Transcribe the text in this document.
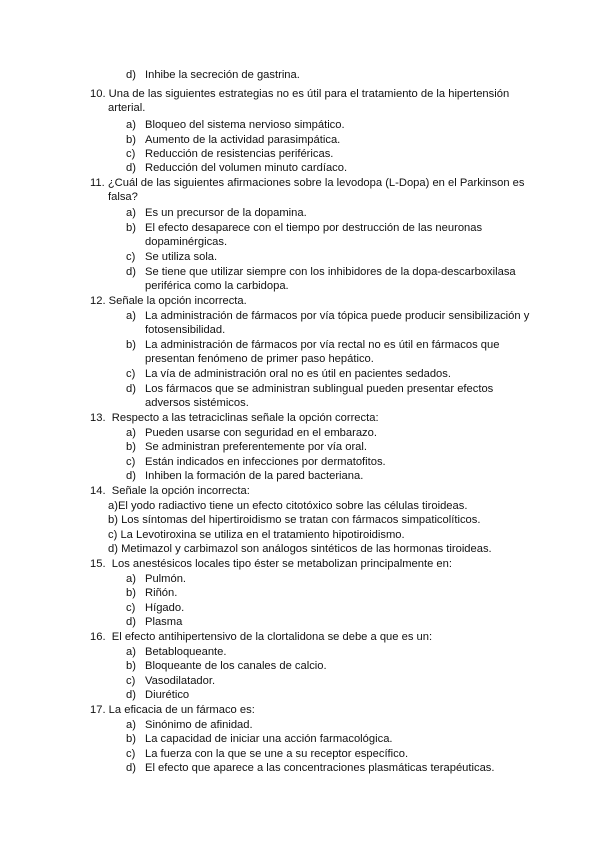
d) Inhibe la secreción de gastrina.
10. Una de las siguientes estrategias no es útil para el tratamiento de la hipertensión
arterial.
a) Bloqueo del sistema nervioso simpático.
b) Aumento de la actividad parasimpática.
c) Reducción de resistencias periféricas.
d) Reducción del volumen minuto cardíaco.
11. ¿Cuál de las siguientes afirmaciones sobre la levodopa (L-Dopa) en el Parkinson es
falsa?
a) Es un precursor de la dopamina.
b) El efecto desaparece con el tiempo por destrucción de las neuronas
dopaminérgicas.
c) Se utiliza sola.
d) Se tiene que utilizar siempre con los inhibidores de la dopa-descarboxilasa
periférica como la carbidopa.
12. Señale la opción incorrecta.
a) La administración de fármacos por vía tópica puede producir sensibilización y
fotosensibilidad.
b) La administración de fármacos por vía rectal no es útil en fármacos que
presentan fenómeno de primer paso hepático.
c) La vía de administración oral no es útil en pacientes sedados.
d) Los fármacos que se administran sublingual pueden presentar efectos
adversos sistémicos.
13. Respecto a las tetraciclinas señale la opción correcta:
a) Pueden usarse con seguridad en el embarazo.
b) Se administran preferentemente por vía oral.
c) Están indicados en infecciones por dermatofitos.
d) Inhiben la formación de la pared bacteriana.
14. Señale la opción incorrecta:
a)El yodo radiactivo tiene un efecto citotóxico sobre las células tiroideas.
b) Los síntomas del hipertiroidismo se tratan con fármacos simpaticolíticos.
c) La Levotiroxina se utiliza en el tratamiento hipotiroidismo.
d) Metimazol y carbimazol son análogos sintéticos de las hormonas tiroideas.
15. Los anestésicos locales tipo éster se metabolizan principalmente en:
a) Pulmón.
b) Riñón.
c) Hígado.
d) Plasma
16. El efecto antihipertensivo de la clortalidona se debe a que es un:
a) Betabloqueante.
b) Bloqueante de los canales de calcio.
c) Vasodilatador.
d) Diurético
17. La eficacia de un fármaco es:
a) Sinónimo de afinidad.
b) La capacidad de iniciar una acción farmacológica.
c) La fuerza con la que se une a su receptor específico.
d) El efecto que aparece a las concentraciones plasmáticas terapéuticas.
